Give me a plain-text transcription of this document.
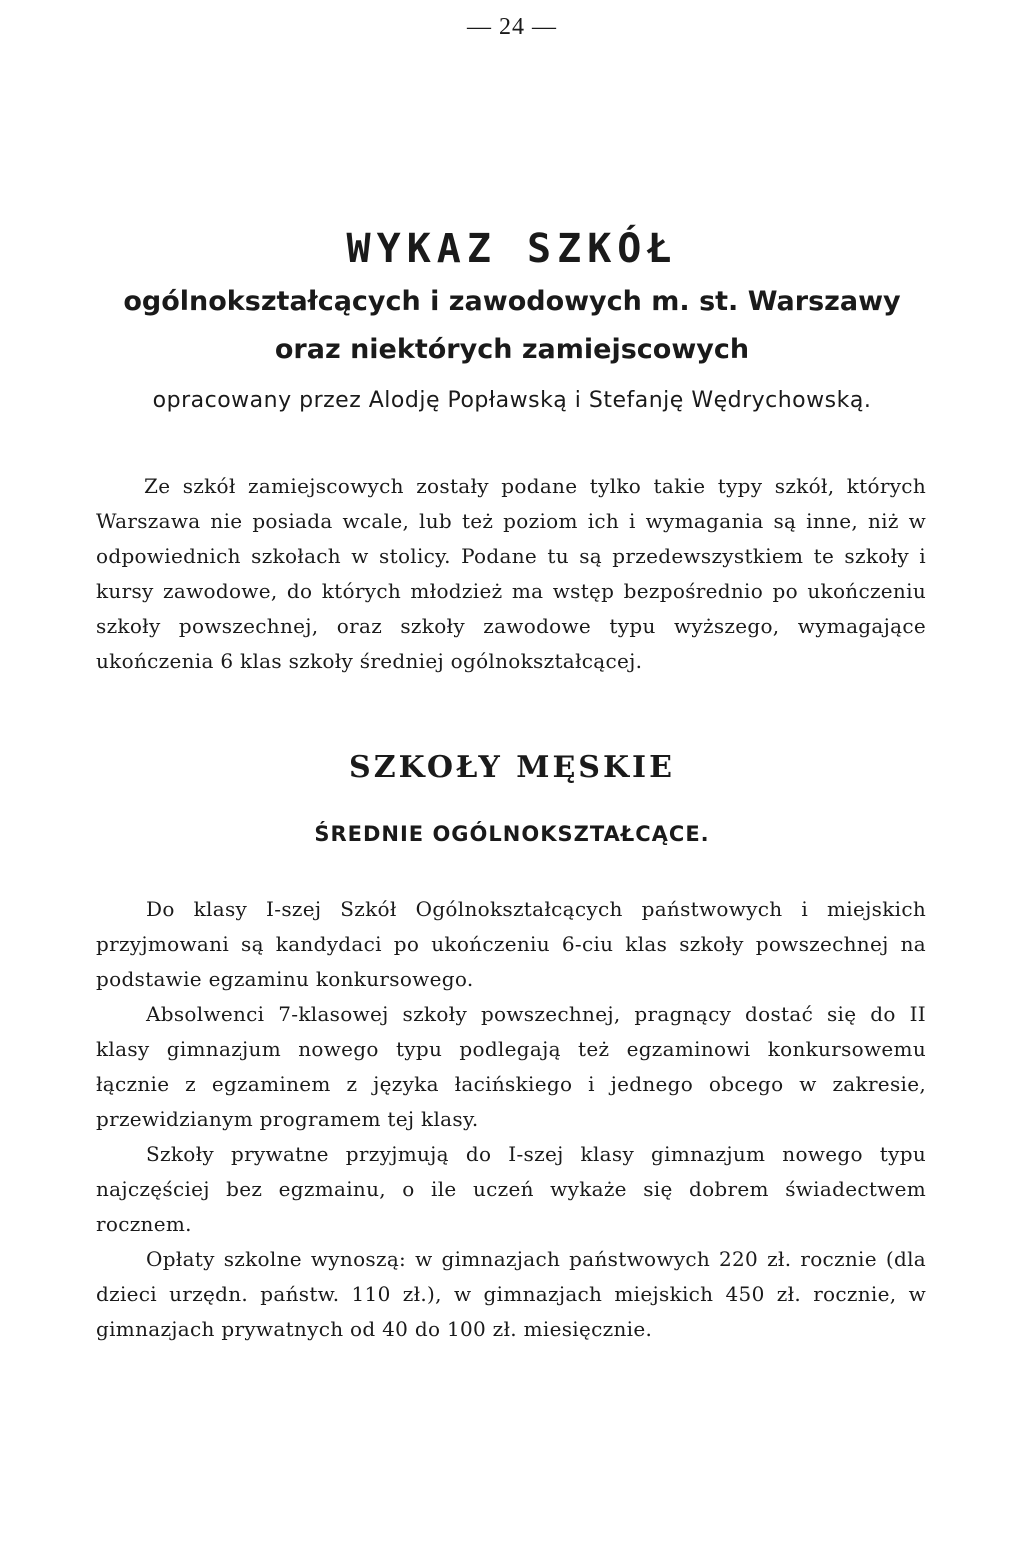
— 24 —
WYKAZ SZKÓŁ
ogólnokształcących i zawodowych m. st. Warszawy
oraz niektórych zamiejscowych
opracowany przez Alodję Popławską i Stefanję Wędrychowską.

Ze szkół zamiejscowych zostały podane tylko takie typy szkół, których Warszawa nie posiada wcale, lub też poziom ich i wymagania są inne, niż w odpowiednich szkołach w stolicy. Podane tu są przedewszystkiem te szkoły i kursy zawodowe, do których młodzież ma wstęp bezpośrednio po ukończeniu szkoły powszechnej, oraz szkoły zawodowe typu wyższego, wymagające ukończenia 6 klas szkoły średniej ogólnokształcącej.

SZKOŁY MĘSKIE
ŚREDNIE OGÓLNOKSZTAŁCĄCE.

Do klasy I-szej Szkół Ogólnokształcących państwowych i miejskich przyjmowani są kandydaci po ukończeniu 6-ciu klas szkoły powszechnej na podstawie egzaminu konkursowego.

Absolwenci 7-klasowej szkoły powszechnej, pragnący dostać się do II klasy gimnazjum nowego typu podlegają też egzaminowi konkursowemu łącznie z egzaminem z języka łacińskiego i jednego obcego w zakresie, przewidzianym programem tej klasy.

Szkoły prywatne przyjmują do I-szej klasy gimnazjum nowego typu najczęściej bez egzmainu, o ile uczeń wykaże się dobrem świadectwem rocznem.

Opłaty szkolne wynoszą: w gimnazjach państwowych 220 zł. rocznie (dla dzieci urzędn. państw. 110 zł.), w gimnazjach miejskich 450 zł. rocznie, w gimnazjach prywatnych od 40 do 100 zł. miesięcznie.
